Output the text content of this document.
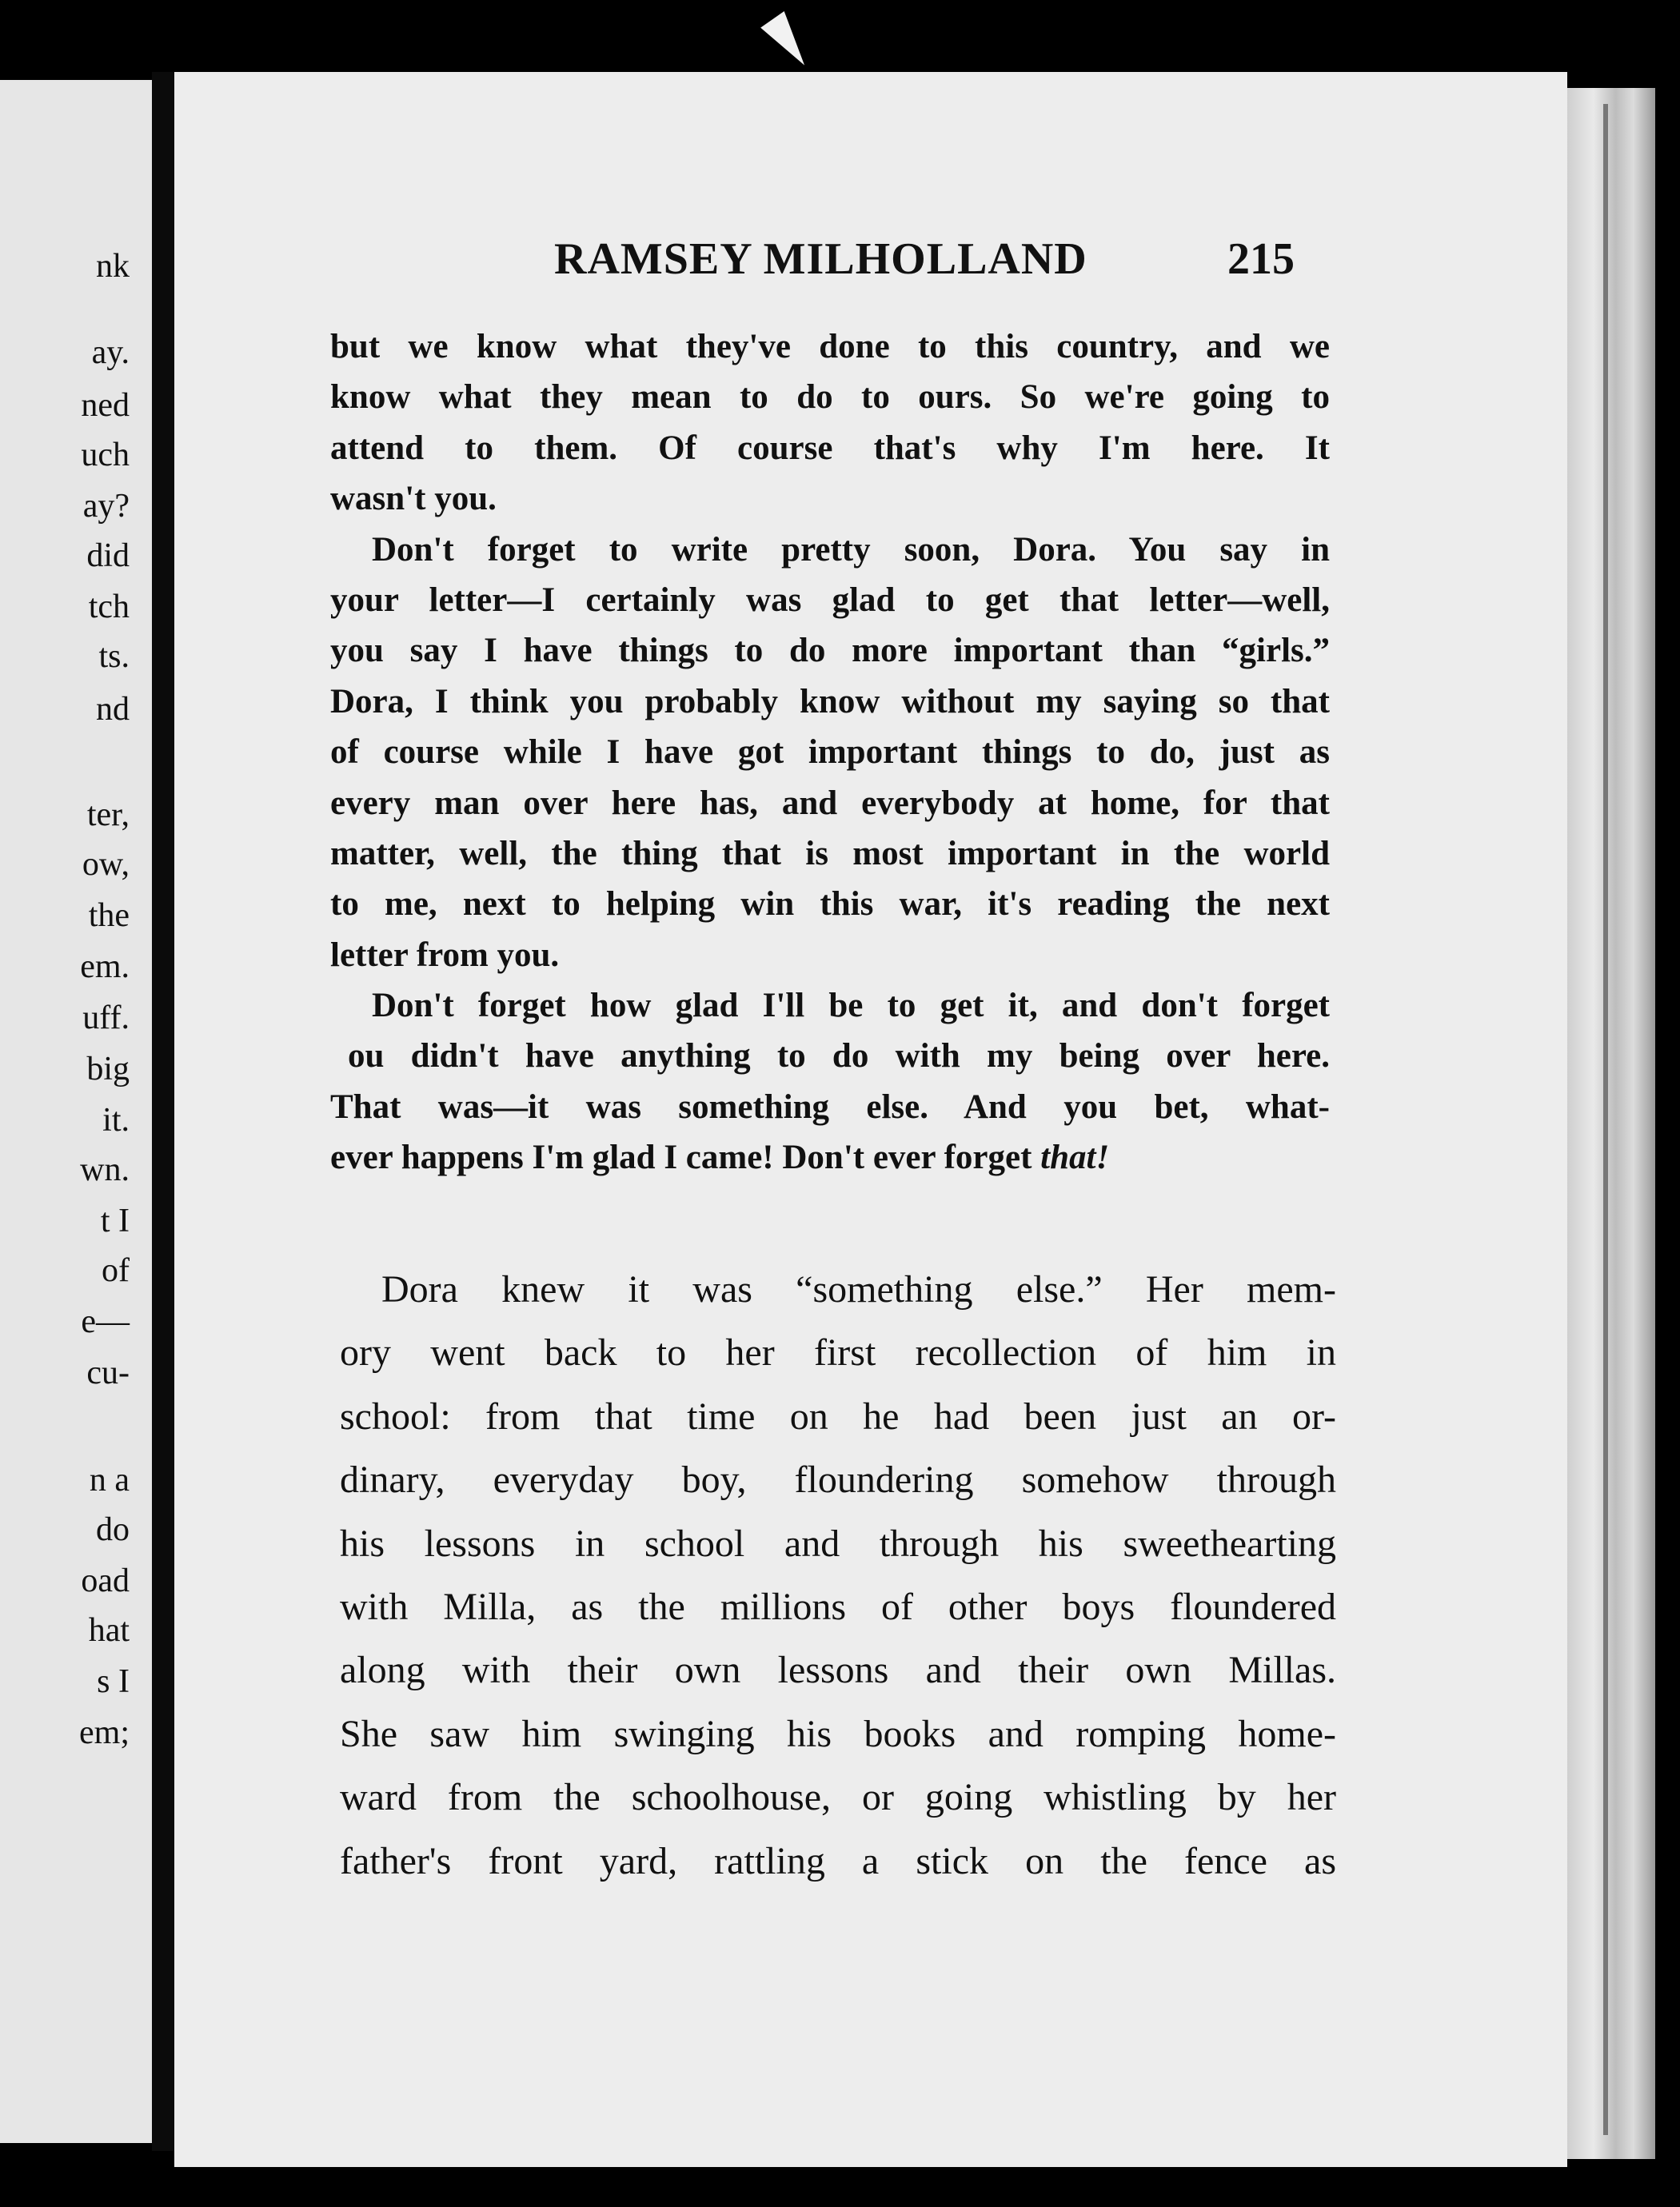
nk
ay.
ned
uch
ay?
did
tch
ts.
nd
ter,
ow,
the
em.
uff.
big
it.
wn.
t I
of
e—
cu-
n a
do
oad
hat
s I
em;
RAMSEY MILHOLLAND	215
but we know what they've done to this country, and we
know what they mean to do to ours. So we're going to
attend to them. Of course that's why I'm here. It
wasn't you.
Don't forget to write pretty soon, Dora. You say in
your letter—I certainly was glad to get that letter—well,
you say I have things to do more important than “girls.”
Dora, I think you probably know without my saying so that
of course while I have got important things to do, just as
every man over here has, and everybody at home, for that
matter, well, the thing that is most important in the world
to me, next to helping win this war, it's reading the next
letter from you.
Don't forget how glad I'll be to get it, and don't forget
ou didn't have anything to do with my being over here.
That was—it was something else. And you bet, what-
ever happens I'm glad I came! Don't ever forget that!
Dora knew it was “something else.” Her mem-
ory went back to her first recollection of him in
school: from that time on he had been just an or-
dinary, everyday boy, floundering somehow through
his lessons in school and through his sweethearting
with Milla, as the millions of other boys floundered
along with their own lessons and their own Millas.
She saw him swinging his books and romping home-
ward from the schoolhouse, or going whistling by her
father's front yard, rattling a stick on the fence as
